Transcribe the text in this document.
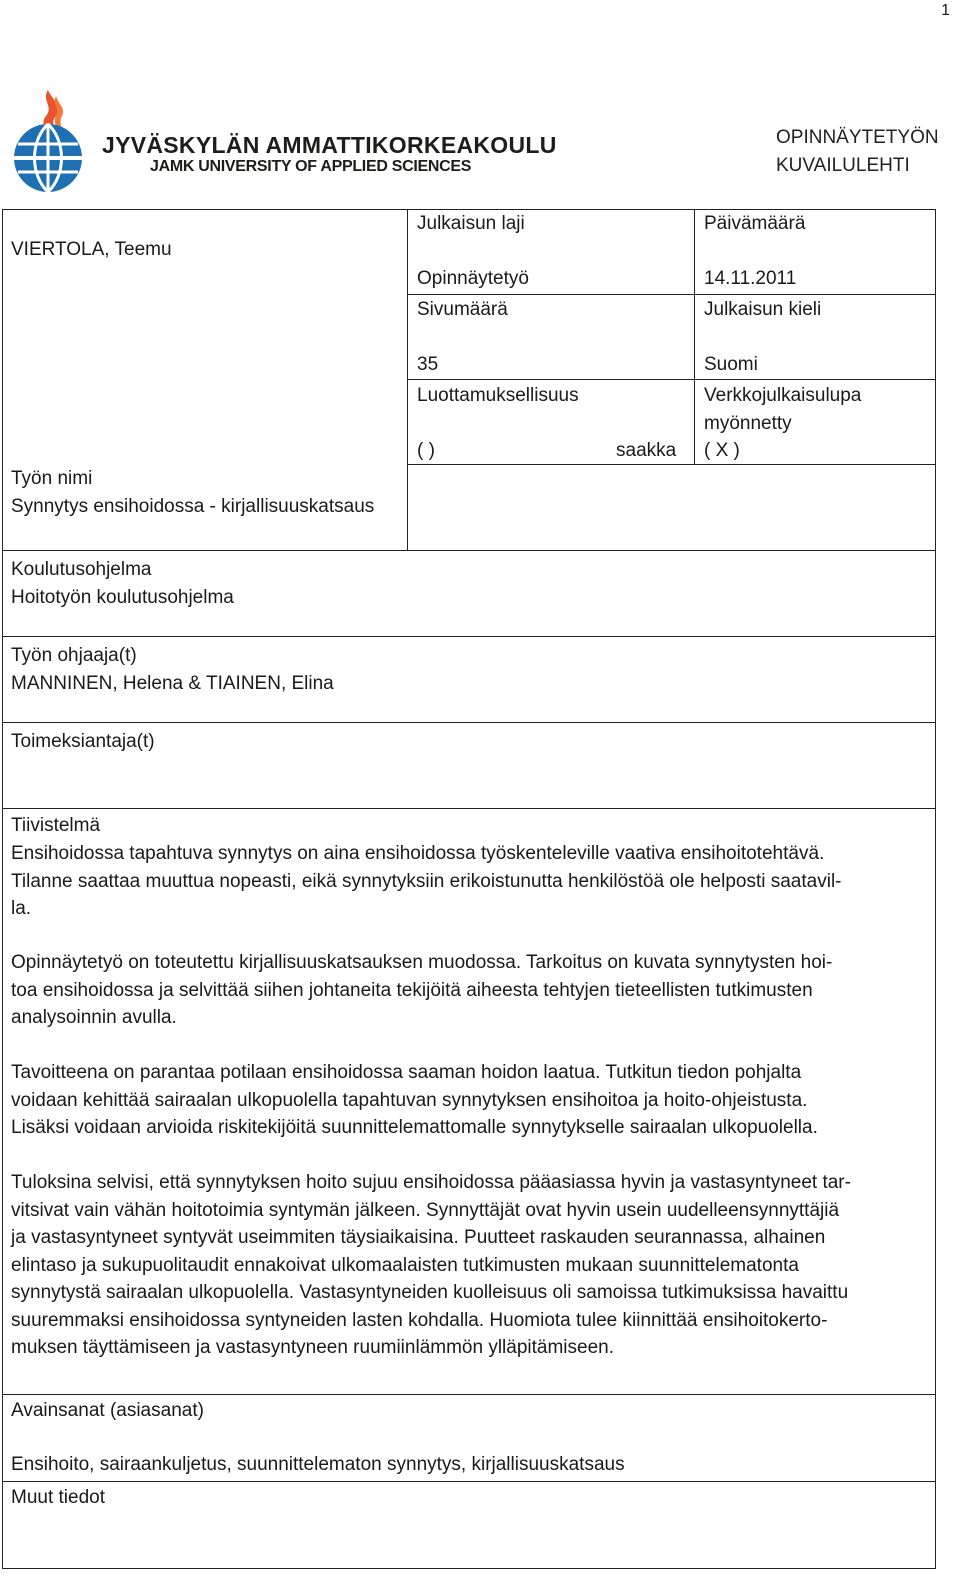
1
JYVÄSKYLÄN AMMATTIKORKEAKOULU
JAMK UNIVERSITY OF APPLIED SCIENCES
OPINNÄYTETYÖN
KUVAILULEHTI
VIERTOLA, Teemu
Työn nimi
Synnytys ensihoidossa - kirjallisuuskatsaus
Julkaisun laji
Opinnäytetyö
Päivämäärä
14.11.2011
Sivumäärä
35
Julkaisun kieli
Suomi
Luottamuksellisuus
( )	saakka
Verkkojulkaisulupa
myönnetty
( X )
Koulutusohjelma
Hoitotyön koulutusohjelma
Työn ohjaaja(t)
MANNINEN, Helena & TIAINEN, Elina
Toimeksiantaja(t)
Tiivistelmä
Ensihoidossa tapahtuva synnytys on aina ensihoidossa työskenteleville vaativa ensihoitotehtävä.
Tilanne saattaa muuttua nopeasti, eikä synnytyksiin erikoistunutta henkilöstöä ole helposti saatavil-
la.
Opinnäytetyö on toteutettu kirjallisuuskatsauksen muodossa. Tarkoitus on kuvata synnytysten hoi-
toa ensihoidossa ja selvittää siihen johtaneita tekijöitä aiheesta tehtyjen tieteellisten tutkimusten
analysoinnin avulla.
Tavoitteena on parantaa potilaan ensihoidossa saaman hoidon laatua. Tutkitun tiedon pohjalta
voidaan kehittää sairaalan ulkopuolella tapahtuvan synnytyksen ensihoitoa ja hoito-ohjeistusta.
Lisäksi voidaan arvioida riskitekijöitä suunnittelemattomalle synnytykselle sairaalan ulkopuolella.
Tuloksina selvisi, että synnytyksen hoito sujuu ensihoidossa pääasiassa hyvin ja vastasyntyneet tar-
vitsivat vain vähän hoitotoimia syntymän jälkeen. Synnyttäjät ovat hyvin usein uudelleensynnyttäjiä
ja vastasyntyneet syntyvät useimmiten täysiaikaisina. Puutteet raskauden seurannassa, alhainen
elintaso ja sukupuolitaudit ennakoivat ulkomaalaisten tutkimusten mukaan suunnittelematonta
synnytystä sairaalan ulkopuolella. Vastasyntyneiden kuolleisuus oli samoissa tutkimuksissa havaittu
suuremmaksi ensihoidossa syntyneiden lasten kohdalla. Huomiota tulee kiinnittää ensihoitokerto-
muksen täyttämiseen ja vastasyntyneen ruumiinlämmön ylläpitämiseen.
Avainsanat (asiasanat)
Ensihoito, sairaankuljetus, suunnittelematon synnytys, kirjallisuuskatsaus
Muut tiedot
